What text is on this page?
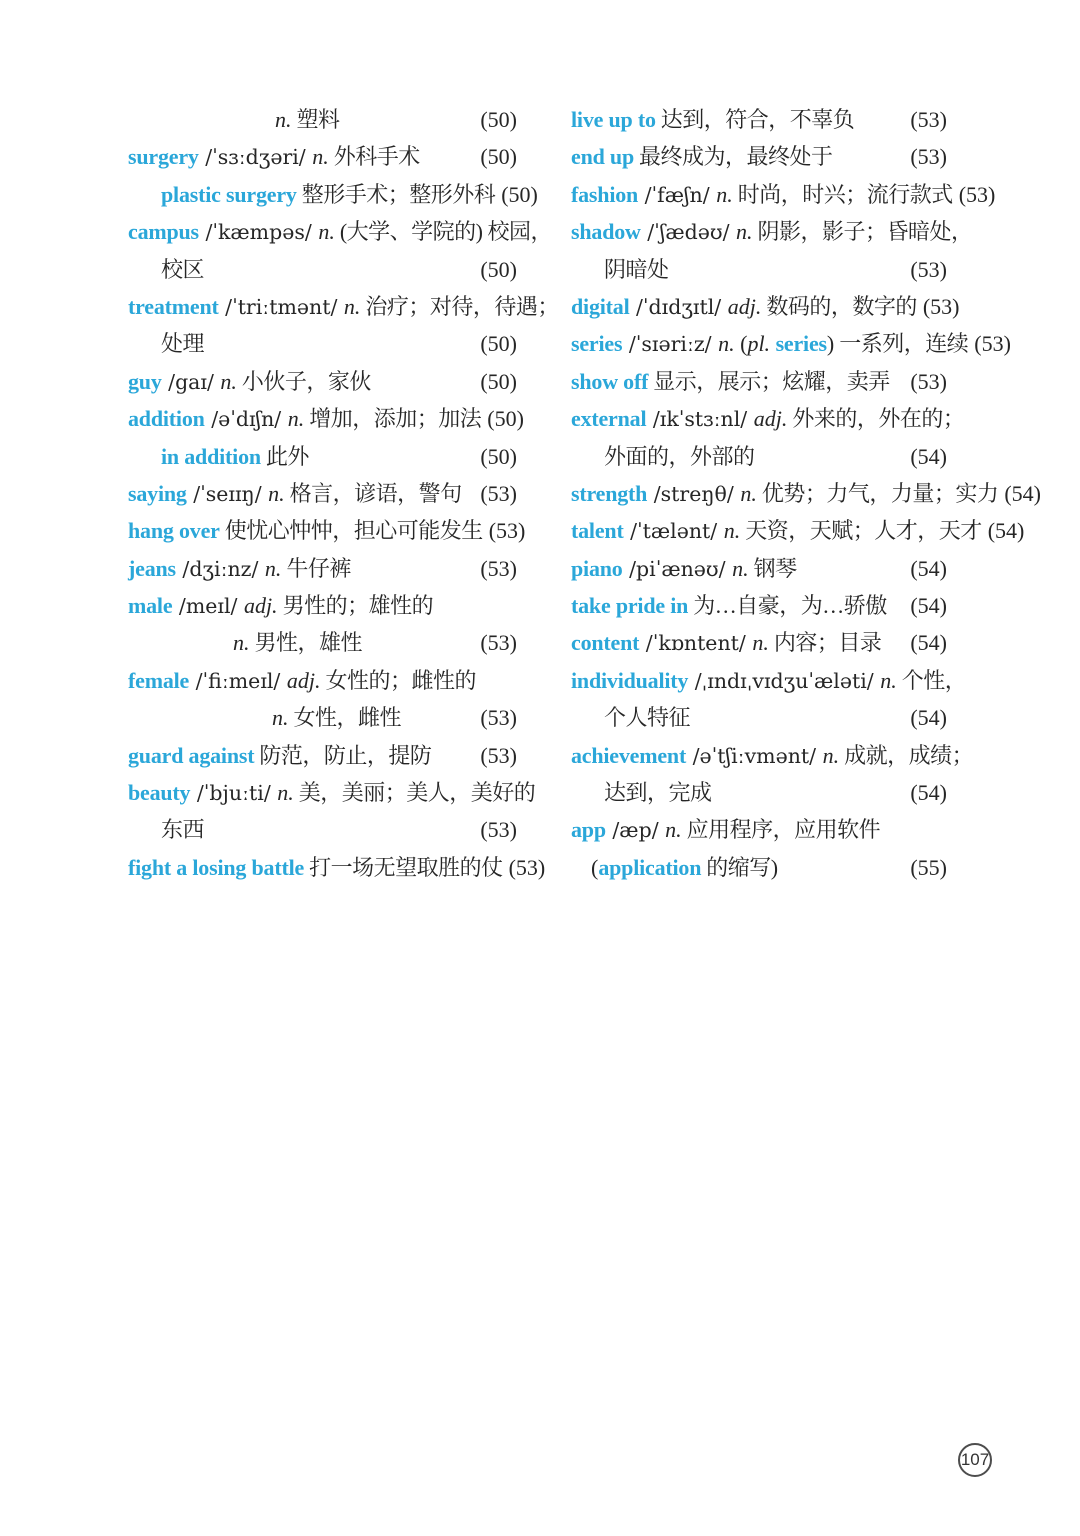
n. 塑料	(50)
surgery /ˈsɜːdʒəri/ n. 外科手术	(50)
plastic surgery 整形手术；整形外科 (50)
campus /ˈkæmpəs/ n. (大学、学院的) 校园，
校区	(50)
treatment /ˈtriːtmənt/ n. 治疗；对待，待遇；
处理	(50)
guy /gaɪ/ n. 小伙子，家伙	(50)
addition /əˈdɪʃn/ n. 增加，添加；加法 (50)
in addition 此外	(50)
saying /ˈseɪɪŋ/ n. 格言，谚语，警句 (53)
hang over 使忧心忡忡，担心可能发生 (53)
jeans /dʒiːnz/ n. 牛仔裤	(53)
male /meɪl/ adj. 男性的；雄性的
n. 男性，雄性	(53)
female /ˈfiːmeɪl/ adj. 女性的；雌性的
n. 女性，雌性	(53)
guard against 防范，防止，提防 (53)
beauty /ˈbjuːti/ n. 美，美丽；美人，美好的
东西	(53)
fight a losing battle 打一场无望取胜的仗 (53)
live up to 达到，符合，不辜负	(53)
end up 最终成为，最终处于	(53)
fashion /ˈfæʃn/ n. 时尚，时兴；流行款式 (53)
shadow /ˈʃædəʊ/ n. 阴影，影子；昏暗处，
阴暗处	(53)
digital /ˈdɪdʒɪtl/ adj. 数码的，数字的 (53)
series /ˈsɪəriːz/ n. (pl. series) 一系列，连续 (53)
show off 显示，展示；炫耀，卖弄 (53)
external /ɪkˈstɜːnl/ adj. 外来的，外在的；
外面的，外部的	(54)
strength /streŋθ/ n. 优势；力气，力量；实力 (54)
talent /ˈtælənt/ n. 天资，天赋；人才，天才 (54)
piano /piˈænəʊ/ n. 钢琴	(54)
take pride in 为…自豪，为…骄傲 (54)
content /ˈkɒntent/ n. 内容；目录 (54)
individuality /ˌɪndɪˌvɪdʒuˈæləti/ n. 个性，
个人特征	(54)
achievement /əˈtʃiːvmənt/ n. 成就，成绩；
达到，完成	(54)
app /æp/ n. 应用程序，应用软件
(application 的缩写)	(55)
107
